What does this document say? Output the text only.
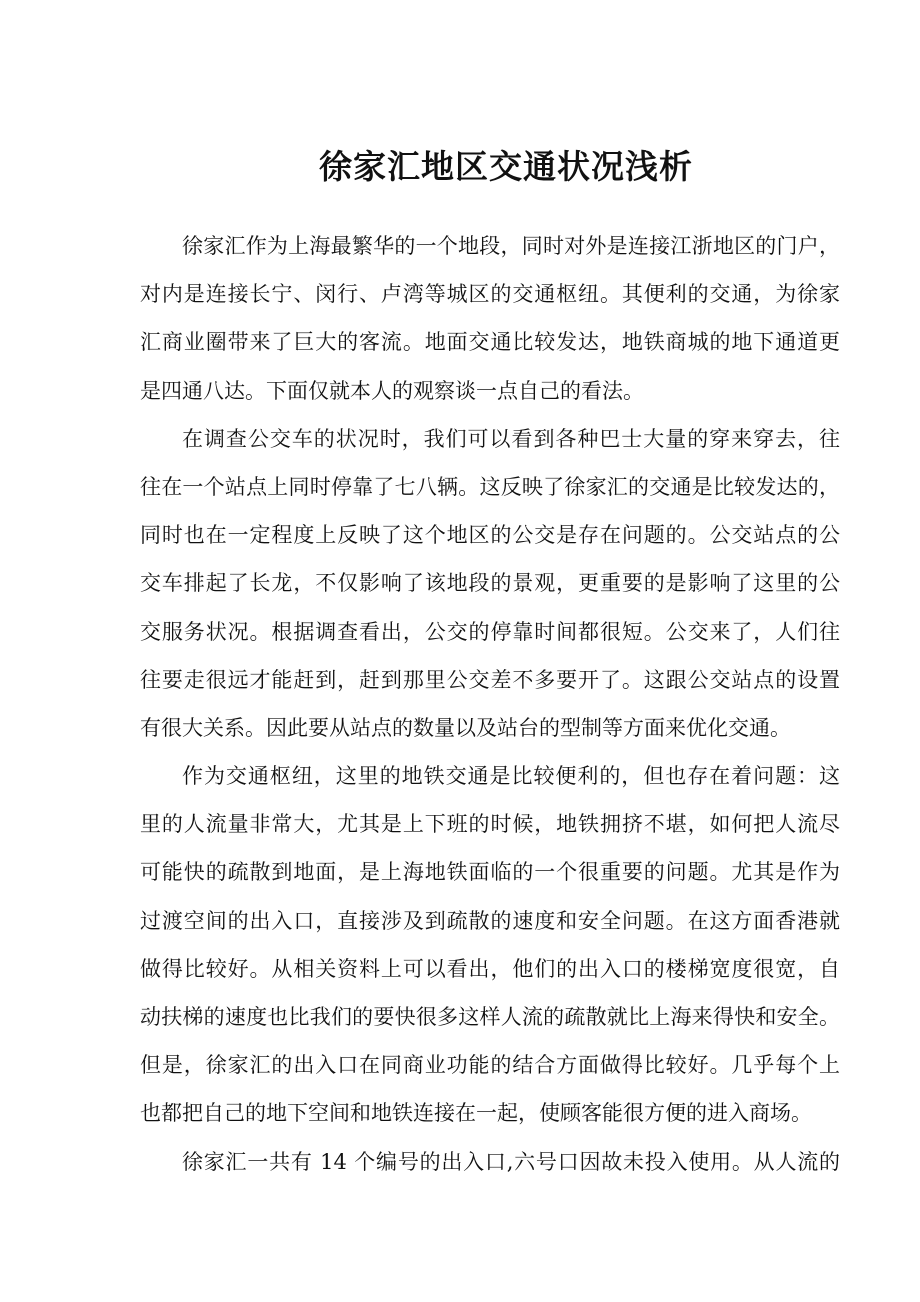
徐家汇地区交通状况浅析
徐家汇作为上海最繁华的一个地段，同时对外是连接江浙地区的门户，
对内是连接长宁、闵行、卢湾等城区的交通枢纽。其便利的交通，为徐家
汇商业圈带来了巨大的客流。地面交通比较发达，地铁商城的地下通道更
是四通八达。下面仅就本人的观察谈一点自己的看法。
在调查公交车的状况时，我们可以看到各种巴士大量的穿来穿去，往
往在一个站点上同时停靠了七八辆。这反映了徐家汇的交通是比较发达的，
同时也在一定程度上反映了这个地区的公交是存在问题的。公交站点的公
交车排起了长龙，不仅影响了该地段的景观，更重要的是影响了这里的公
交服务状况。根据调查看出，公交的停靠时间都很短。公交来了，人们往
往要走很远才能赶到，赶到那里公交差不多要开了。这跟公交站点的设置
有很大关系。因此要从站点的数量以及站台的型制等方面来优化交通。
作为交通枢纽，这里的地铁交通是比较便利的，但也存在着问题：这
里的人流量非常大，尤其是上下班的时候，地铁拥挤不堪，如何把人流尽
可能快的疏散到地面，是上海地铁面临的一个很重要的问题。尤其是作为
过渡空间的出入口，直接涉及到疏散的速度和安全问题。在这方面香港就
做得比较好。从相关资料上可以看出，他们的出入口的楼梯宽度很宽，自
动扶梯的速度也比我们的要快很多这样人流的疏散就比上海来得快和安全。
但是，徐家汇的出入口在同商业功能的结合方面做得比较好。几乎每个上
也都把自己的地下空间和地铁连接在一起，使顾客能很方便的进入商场。
徐家汇一共有 14 个编号的出入口,六号口因故未投入使用。从人流的
